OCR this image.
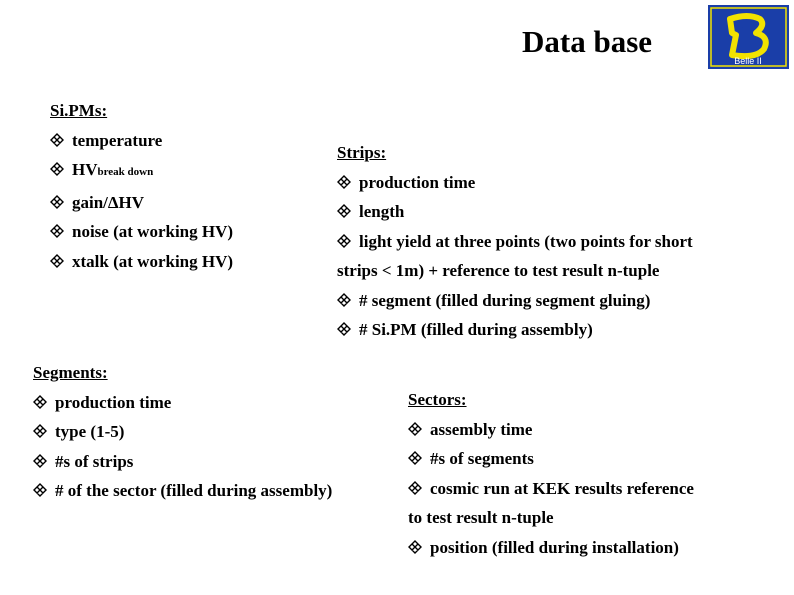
Data base
Belle II
Si.PMs:
temperature
HVbreak down
gain/ΔHV
noise (at working HV)
xtalk (at working HV)
Strips:
production time
length
light yield at three points (two points for short
strips < 1m) + reference to test result n-tuple
# segment (filled during segment gluing)
# Si.PM (filled during assembly)
Segments:
production time
type (1-5)
#s of strips
# of the sector (filled during assembly)
Sectors:
assembly time
#s of segments
cosmic run at KEK results reference
to test result n-tuple
position (filled during installation)
